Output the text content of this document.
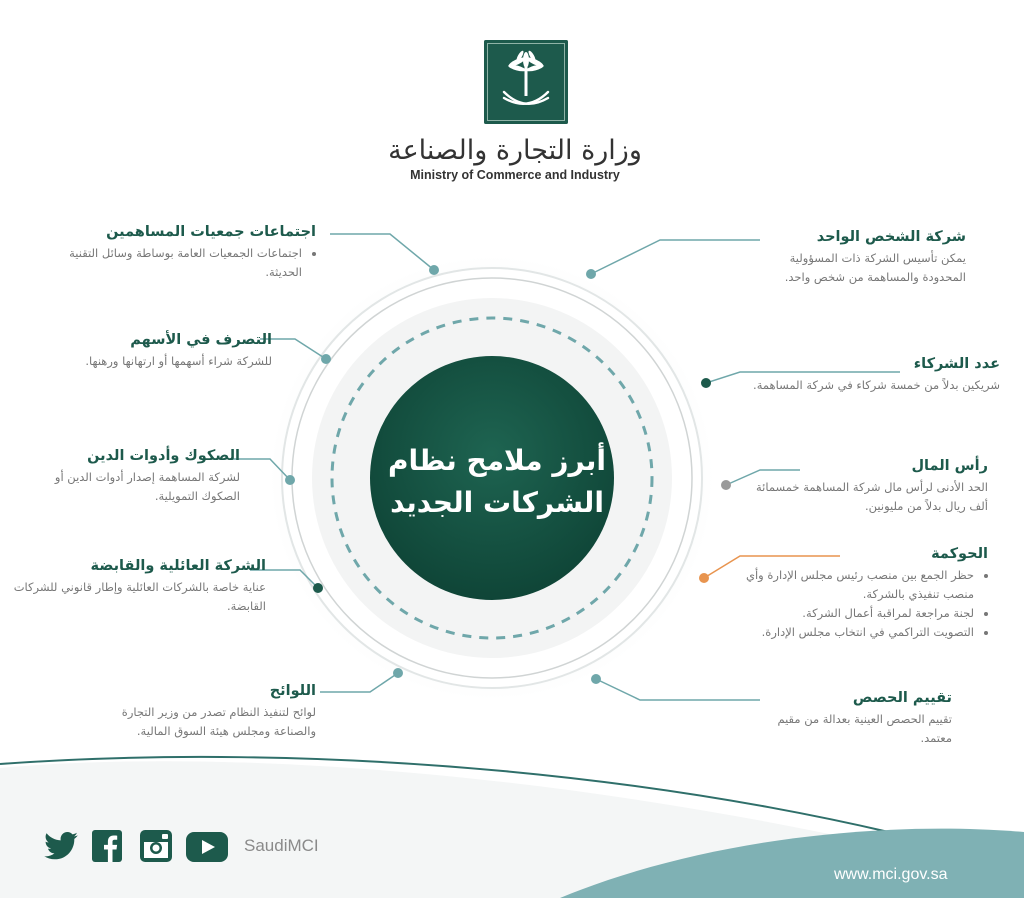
وزارة التجارة والصناعة
Ministry of Commerce and Industry
أبرز ملامح نظام
الشركات الجديد
شركة الشخص الواحد
يمكن تأسيس الشركة ذات المسؤولية المحدودة والمساهمة من شخص واحد.
عدد الشركاء
شريكين بدلاً من خمسة شركاء في شركة المساهمة.
رأس المال
الحد الأدنى لرأس مال شركة المساهمة خمسمائة ألف ريال بدلاً من مليونين.
الحوكمة
• حظر الجمع بين منصب رئيس مجلس الإدارة وأي منصب تنفيذي بالشركة.
• لجنة مراجعة لمراقبة أعمال الشركة.
• التصويت التراكمي في انتخاب مجلس الإدارة.
تقييم الحصص
تقييم الحصص العينية بعدالة من مقيم معتمد.
اجتماعات جمعيات المساهمين
• اجتماعات الجمعيات العامة بوساطة وسائل التقنية الحديثة.
التصرف في الأسهم
للشركة شراء أسهمها أو ارتهانها ورهنها.
الصكوك وأدوات الدين
لشركة المساهمة إصدار أدوات الدين أو الصكوك التمويلية.
الشركة العائلية والقابضة
عناية خاصة بالشركات العائلية وإطار قانوني للشركات القابضة.
اللوائح
لوائح لتنفيذ النظام تصدر من وزير التجارة والصناعة ومجلس هيئة السوق المالية.
SaudiMCI
www.mci.gov.sa
